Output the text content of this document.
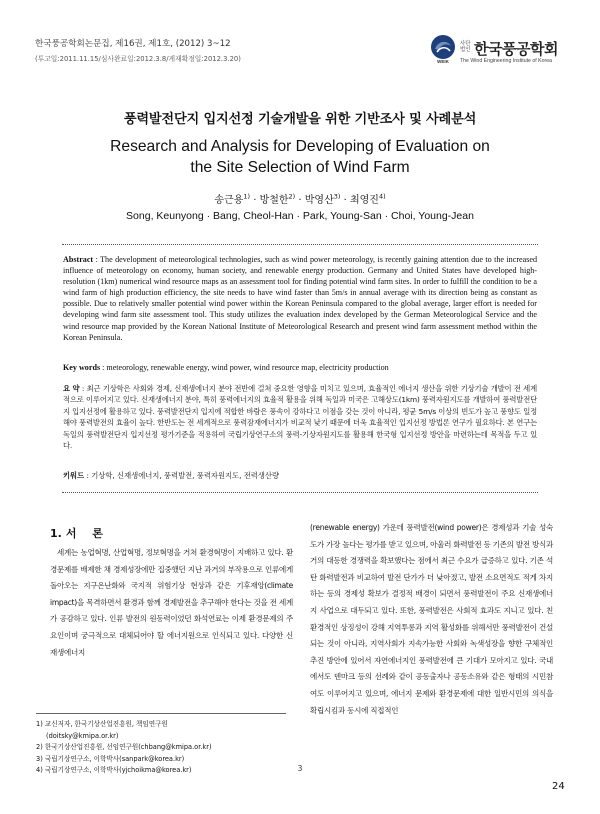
한국풍공학회논문집, 제16권, 제1호, (2012) 3~12
(투고일:2011.11.15/심사완료일:2012.3.8/게재확정일:2012.3.20)	WEIK
사단법인 한국풍공학회
The Wind Engineering Institute of Korea
풍력발전단지 입지선정 기술개발을 위한 기반조사 및 사례분석
Research and Analysis for Developing of Evaluation on
the Site Selection of Wind Farm
송근용$^{1)}$ · 방철한$^{2)}$ · 박영산$^{3)}$ · 최영진$^{4)}$
Song, Keunyong · Bang, Cheol-Han · Park, Young-San · Choi, Young-Jean
Abstract : The development of meteorological technologies, such as wind power meteorology, is recently gaining attention due to the increased influence of meteorology on economy, human society, and renewable energy production. Germany and United States have developed high-resolution (1km) numerical wind resource maps as an assessment tool for finding potential wind farm sites. In order to fulfill the condition to be a wind farm of high production efficiency, the site needs to have wind faster than 5m/s in annual average with its direction being as constant as possible. Due to relatively smaller potential wind power within the Korean Peninsula compared to the global average, larger effort is needed for developing wind farm site assessment tool. This study utilizes the evaluation index developed by the German Meteorological Service and the wind resource map provided by the Korean National Institute of Meteorological Research and present wind farm assessment method within the Korean Peninsula.
Key words : meteorology, renewable energy, wind power, wind resource map, electricity production
요 약 : 최근 기상학은 사회와 경제, 신재생에너지 분야 전반에 걸쳐 중요한 영향을 미치고 있으며, 효율적인 에너지 생산을 위한 기상기술 개발이 전 세계적으로 이루어지고 있다. 신재생에너지 분야, 특히 풍력에너지의 효율적 활용을 위해 독일과 미국은 고해상도(1km) 풍력자원지도를 개발하여 풍력발전단지 입지선정에 활용하고 있다. 풍력발전단지 입지에 적합한 바람은 풍속이 강하다고 이점을 갖는 것이 아니라, 평균 5m/s 이상의 빈도가 높고 풍향도 일정해야 풍력발전의 효율이 높다. 한반도는 전 세계적으로 풍력잠재에너지가 비교적 낮기 때문에 더욱 효율적인 입지선정 방법론 연구가 필요하다. 본 연구는 독일의 풍력발전단지 입지선정 평가기준을 적용하여 국립기상연구소의 풍력-기상자원지도를 활용해 한국형 입지선정 방안을 마련하는데 목적을 두고 있다.
키워드 : 기상학, 신재생에너지, 풍력발전, 풍력자원지도, 전력생산량
1. 서 론

세계는 농업혁명, 산업혁명, 정보혁명을 거쳐 환경혁명이 지배하고 있다. 환경문제를 배제한 채 경제성장에만 집중했던 지난 과거의 부작용으로 인류에게 돌아오는 지구온난화와 국지적 위험기상 현상과 같은 기후재앙(climate impact)을 목격하면서 환경과 함께 경제발전을 추구해야 한다는 것을 전 세계가 공감하고 있다. 인류 발전의 원동력이었던 화석연료는 이제 환경문제의 주요인이며 궁극적으로 대체되어야 할 에너지원으로 인식되고 있다. 다양한 신재생에너지

1) 교신저자, 한국기상산업진흥원, 책임연구원
(doitsky@kmipa.or.kr)
2) 한국기상산업진흥원, 선임연구원(chbang@kmipa.or.kr)
3) 국립기상연구소, 이학박사(sanpark@korea.kr)
4) 국립기상연구소, 이학박사(yjchoikma@korea.kr)

(renewable energy) 가운데 풍력발전(wind power)은 경제성과 기술 성숙도가 가장 높다는 평가를 받고 있으며, 아울러 화력발전 등 기존의 발전 방식과 거의 대등한 경쟁력을 확보했다는 점에서 최근 수요가 급증하고 있다. 기존 석탄 화력발전과 비교하여 발전 단가가 더 낮아졌고, 발전 소요면적도 적게 차지하는 등의 경제성 확보가 결정적 배경이 되면서 풍력발전이 주요 신재생에너지 사업으로 대두되고 있다. 또한, 풍력발전은 사회적 효과도 지니고 있다. 친환경적인 상징성이 강해 지역투롱과 지역 활성화를 위해서만 풍력발전이 건설되는 것이 아니라, 지역사회가 지속가능한 사회와 녹색성장을 향한 구체적인 추진 방안에 있어서 자연에너지인 풍력발전에 큰 기대가 모아지고 있다. 국내에서도 덴마크 등의 선례와 같이 공동출자나 공동소유와 같은 형태의 시민참여도 이루어지고 있으며, 에너지 문제와 환경문제에 대한 일반시민의 의식을 확립시킴과 동시에 직접적인

3
24
